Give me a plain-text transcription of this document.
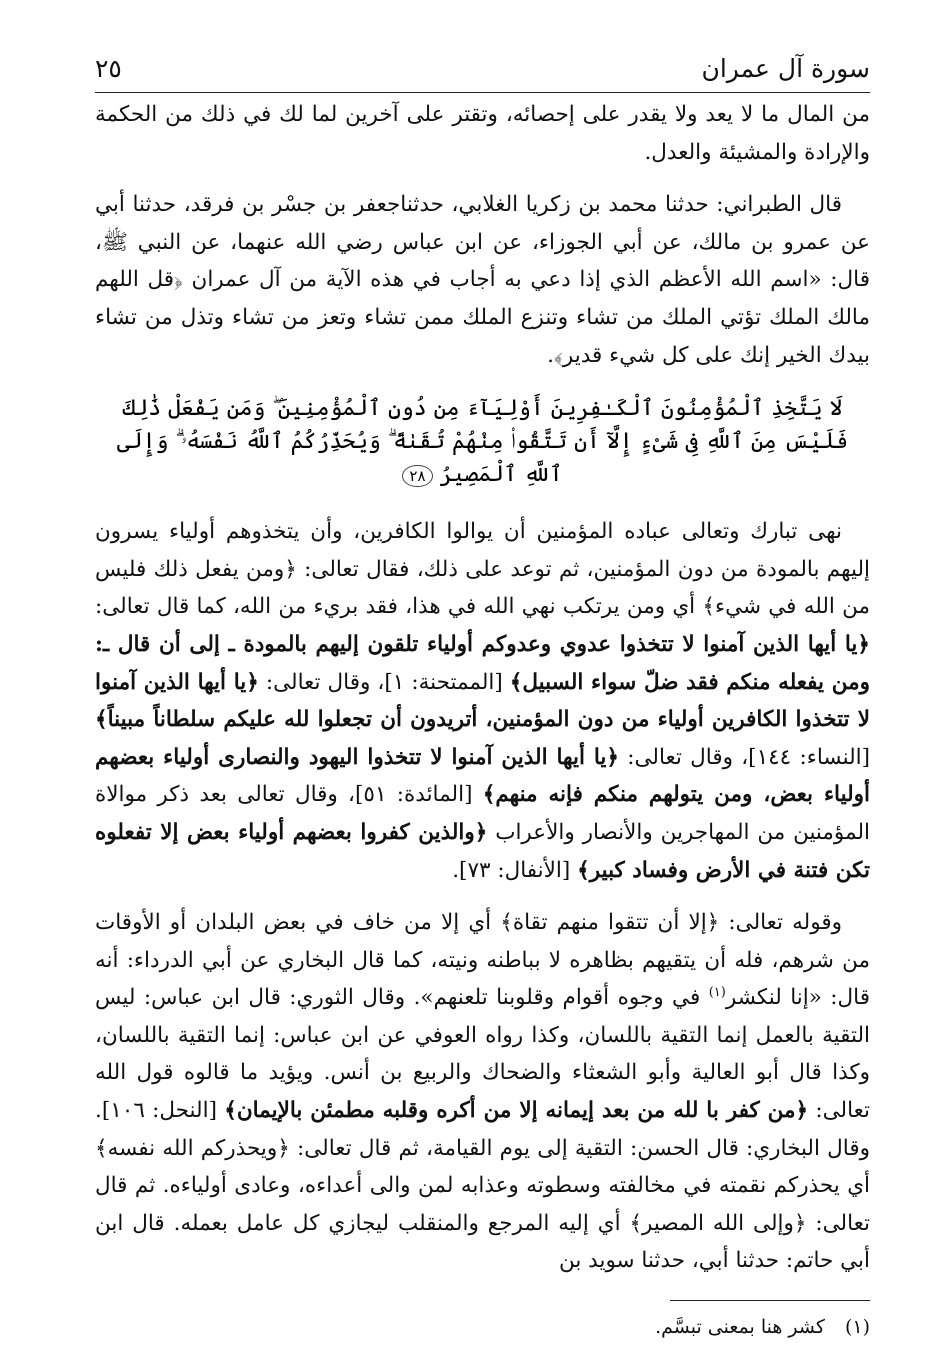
سورة آل عمران
٢٥

من المال ما لا يعد ولا يقدر على إحصائه، وتقتر على آخرين لما لك في ذلك من الحكمة والإرادة والمشيئة والعدل.

قال الطبراني: حدثنا محمد بن زكريا الغلابي، حدثناجعفر بن جسْر بن فرقد، حدثنا أبي عن عمرو بن مالك، عن أبي الجوزاء، عن ابن عباس رضي الله عنهما، عن النبي ﷺ، قال: «اسم الله الأعظم الذي إذا دعي به أجاب في هذه الآية من آل عمران ﴿قل اللهم مالك الملك تؤتي الملك من تشاء وتنزع الملك ممن تشاء وتعز من تشاء وتذل من تشاء بيدك الخير إنك على كل شيء قدير﴾.

لَا يَتَّخِذِ ٱلْمُؤْمِنُونَ ٱلْكَـٰفِرِينَ أَوْلِيَآءَ مِن دُونِ ٱلْمُؤْمِنِينَ ۖ وَمَن يَفْعَلْ ذَٰلِكَ فَلَيْسَ مِنَ ٱللَّهِ فِى شَىْءٍ إِلَّآ أَن تَتَّقُوا۟ مِنْهُمْ تُقَىٰةً ۗ وَيُحَذِّرُكُمُ ٱللَّهُ نَفْسَهُۥ ۗ وَإِلَى ٱللَّهِ ٱلْمَصِيرُ ٢٨

نهى تبارك وتعالى عباده المؤمنين أن يوالوا الكافرين، وأن يتخذوهم أولياء يسرون إليهم بالمودة من دون المؤمنين، ثم توعد على ذلك، فقال تعالى: ﴿ومن يفعل ذلك فليس من الله في شيء﴾ أي ومن يرتكب نهي الله في هذا، فقد بريء من الله، كما قال تعالى: ﴿يا أيها الذين آمنوا لا تتخذوا عدوي وعدوكم أولياء تلقون إليهم بالمودة ـ إلى أن قال ـ: ومن يفعله منكم فقد ضلّ سواء السبيل﴾ [الممتحنة: ١]، وقال تعالى: ﴿يا أيها الذين آمنوا لا تتخذوا الكافرين أولياء من دون المؤمنين، أتريدون أن تجعلوا لله عليكم سلطاناً مبيناً﴾ [النساء: ١٤٤]، وقال تعالى: ﴿يا أيها الذين آمنوا لا تتخذوا اليهود والنصارى أولياء بعضهم أولياء بعض، ومن يتولهم منكم فإنه منهم﴾ [المائدة: ٥١]، وقال تعالى بعد ذكر موالاة المؤمنين من المهاجرين والأنصار والأعراب ﴿والذين كفروا بعضهم أولياء بعض إلا تفعلوه تكن فتنة في الأرض وفساد كبير﴾ [الأنفال: ٧٣].

وقوله تعالى: ﴿إلا أن تتقوا منهم تقاة﴾ أي إلا من خاف في بعض البلدان أو الأوقات من شرهم، فله أن يتقيهم بظاهره لا بباطنه ونيته، كما قال البخاري عن أبي الدرداء: أنه قال: «إنا لنكشر$^{(١)}$ في وجوه أقوام وقلوبنا تلعنهم». وقال الثوري: قال ابن عباس: ليس التقية بالعمل إنما التقية باللسان، وكذا رواه العوفي عن ابن عباس: إنما التقية باللسان، وكذا قال أبو العالية وأبو الشعثاء والضحاك والربيع بن أنس. ويؤيد ما قالوه قول الله تعالى: ﴿من كفر با لله من بعد إيمانه إلا من أكره وقلبه مطمئن بالإيمان﴾ [النحل: ١٠٦]. وقال البخاري: قال الحسن: التقية إلى يوم القيامة، ثم قال تعالى: ﴿ويحذركم الله نفسه﴾ أي يحذركم نقمته في مخالفته وسطوته وعذابه لمن والى أعداءه، وعادى أولياءه. ثم قال تعالى: ﴿وإلى الله المصير﴾ أي إليه المرجع والمنقلب ليجازي كل عامل بعمله. قال ابن أبي حاتم: حدثنا أبي، حدثنا سويد بن

(١) كشر هنا بمعنى تبسَّم.
